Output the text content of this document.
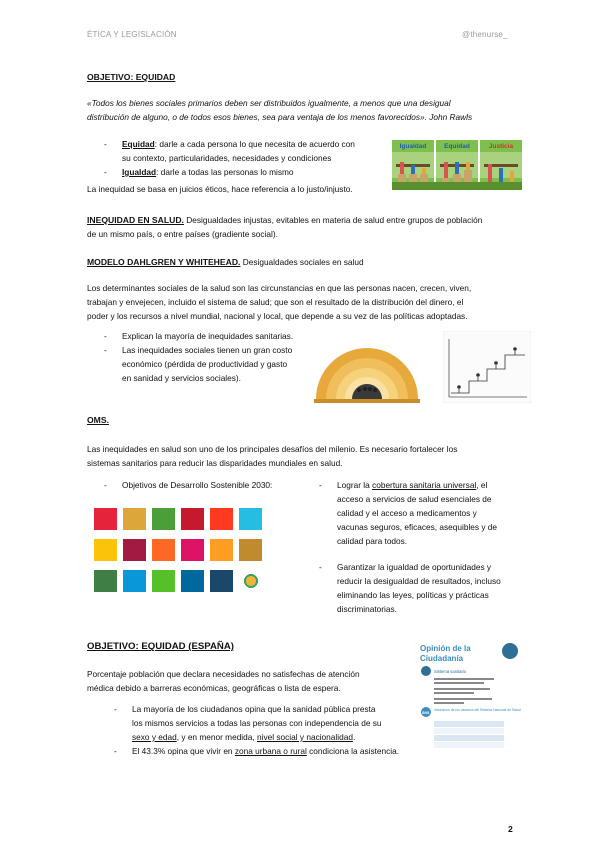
ÉTICA Y LEGISLACIÓN	@thenurse_
OBJETIVO: EQUIDAD
«Todos los bienes sociales primarios deben ser distribuidos igualmente, a menos que una desigual
distribución de alguno, o de todos esos bienes, sea para ventaja de los menos favorecidos». John Rawls
- Equidad: darle a cada persona lo que necesita de acuerdo con
su contexto, particularidades, necesidades y condiciones
- Igualdad: darle a todas las personas lo mismo
La inequidad se basa en juicios éticos, hace referencia a lo justo/injusto.
Igualdad	Equidad	Justicia
INEQUIDAD EN SALUD. Desigualdades injustas, evitables en materia de salud entre grupos de población
de un mismo país, o entre países (gradiente social).
MODELO DAHLGREN Y WHITEHEAD. Desigualdades sociales en salud
Los determinantes sociales de la salud son las circunstancias en que las personas nacen, crecen, viven,
trabajan y envejecen, incluido el sistema de salud; que son el resultado de la distribución del dinero, el
poder y los recursos a nivel mundial, nacional y local, que depende a su vez de las políticas adoptadas.
- Explican la mayoría de inequidades sanitarias.
- Las inequidades sociales tienen un gran costo
económico (pérdida de productividad y gasto
en sanidad y servicios sociales).
OMS.
Las inequidades en salud son uno de los principales desafíos del milenio. Es necesario fortalecer los
sistemas sanitarios para reducir las disparidades mundiales en salud.
- Objetivos de Desarrollo Sostenible 2030:	- Lograr la cobertura sanitaria universal, el
acceso a servicios de salud esenciales de
calidad y el acceso a medicamentos y
vacunas seguros, eficaces, asequibles y de
calidad para todos.
- Garantizar la igualdad de oportunidades y
reducir la desigualdad de resultados, incluso
eliminando las leyes, políticas y prácticas
discriminatorias.
OBJETIVO: EQUIDAD (ESPAÑA)
Porcentaje población que declara necesidades no satisfechas de atención
médica debido a barreras económicas, geográficas o lista de espera.
- La mayoría de los ciudadanos opina que la sanidad pública presta
los mismos servicios a todas las personas con independencia de su
sexo y edad, y en menor medida, nivel social y nacionalidad.
- El 43.3% opina que vivir en zona urbana o rural condiciona la asistencia.
Opinión de la
Ciudadanía
Sistema sanitario
SNS
Valoración de los usuarios del Sistema Nacional de Salud
2
